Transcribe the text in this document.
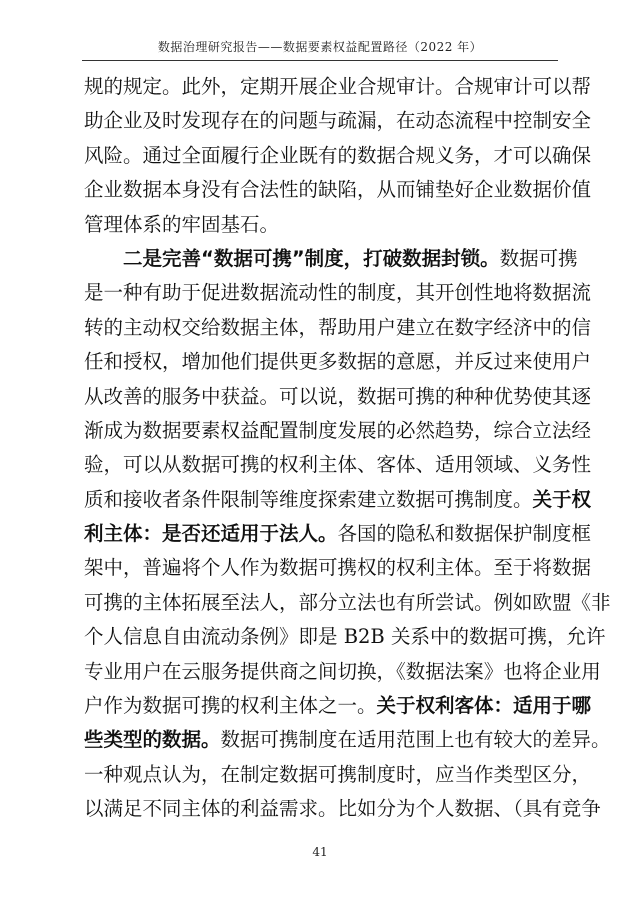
数据治理研究报告——数据要素权益配置路径（2022 年）
规的规定。此外，定期开展企业合规审计。合规审计可以帮
助企业及时发现存在的问题与疏漏，在动态流程中控制安全
风险。通过全面履行企业既有的数据合规义务，才可以确保
企业数据本身没有合法性的缺陷，从而铺垫好企业数据价值
管理体系的牢固基石。
二是完善“数据可携”制度，打破数据封锁。数据可携
是一种有助于促进数据流动性的制度，其开创性地将数据流
转的主动权交给数据主体，帮助用户建立在数字经济中的信
任和授权，增加他们提供更多数据的意愿，并反过来使用户
从改善的服务中获益。可以说，数据可携的种种优势使其逐
渐成为数据要素权益配置制度发展的必然趋势，综合立法经
验，可以从数据可携的权利主体、客体、适用领域、义务性
质和接收者条件限制等维度探索建立数据可携制度。关于权
利主体：是否还适用于法人。各国的隐私和数据保护制度框
架中，普遍将个人作为数据可携权的权利主体。至于将数据
可携的主体拓展至法人，部分立法也有所尝试。例如欧盟《非
个人信息自由流动条例》即是 B2B 关系中的数据可携，允许
专业用户在云服务提供商之间切换，《数据法案》也将企业用
户作为数据可携的权利主体之一。关于权利客体：适用于哪
些类型的数据。数据可携制度在适用范围上也有较大的差异。
一种观点认为，在制定数据可携制度时，应当作类型区分，
以满足不同主体的利益需求。比如分为个人数据、（具有竞争
41
